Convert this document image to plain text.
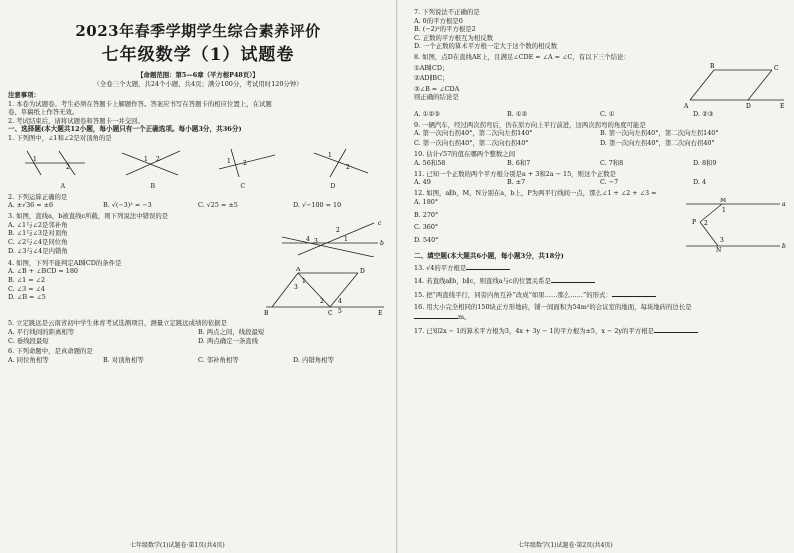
2023年春季学期学生综合素养评价
七年级数学（1）试题卷
【命题范围：第5—6章（平方根P48页）】
（全卷三个大题，共24个小题，共4页；满分100分，考试用时120分钟）
注意事项：
1. 本卷为试题卷。考生必须在答题卡上解题作答。答案应书写在答题卡的相应位置上，在试题
卷、草稿纸上作答无效。
2. 考试结束后，请将试题卷和答题卡一并交回。
一、选择题(本大题共12小题，每小题只有一个正确选项。每小题3分，共36分)
1. 下列图中，∠1和∠2是对顶角的是
1
2
1 2	1 2
1
2
A	B	C	D
2. 下列运算正确的是
A. ±√36 = ±6	B. √(−3)² = −3	C. √25 = ±5	D. √−100 = 10
3. 如图，直线a，b被直线c所截，则下列说法中错误的是
A. ∠1与∠2是邻补角
B. ∠1与∠3是对顶角
C. ∠2与∠4是同位角
D. ∠3与∠4是内错角
4 3
2
1
c
b
4. 如图，下列不能判定AB∥CD的条件是
A. ∠B + ∠BCD = 180
B. ∠1 = ∠2
C. ∠3 = ∠4
D. ∠B = ∠5
A	D
B	C	E
1
3
2 4
5
5. 立定跳远是云南省初中学生体育考试选测项目，测量立定跳远成绩的依据是
A. 平行线间的距离相等	B. 两点之间，线段最短
C. 垂线段最短	D. 两点确定一条直线
6. 下列命题中，是真命题的是
A. 同位角相等	B. 对顶角相等	C. 邻补角相等	D. 内错角相等
七年级数学(1)试题卷·第1页(共4页)
7. 下列说法不正确的是
A. 0的平方根是0
B. (−2)²的平方根是2
C. 正数的平方根互为相反数
D. 一个正数的算术平方根一定大于这个数的相反数
8. 如图，点D在直线AE上，且满足∠CDE = ∠A = ∠C，有以下三个结论：
①AB∥CD；
②AD∥BC；
③∠B = ∠CDA
则正确的结论是
B	C
A	D	E
A. ①②③	B. ①②	C. ①	D. ②③
9. 一辆汽车，经过两次拐弯后，仍在原方向上平行前进，这两次拐弯的角度可能是
A. 第一次向右拐40°，第二次向左拐140°	B. 第一次向左拐40°，第二次向左拐140°
C. 第一次向右拐40°，第二次向右拐40°	D. 第一次向左拐40°，第二次向右拐40°
10. 估计√57的值在哪两个整数之间
A. 56和58	B. 6和7	C. 7和8	D. 8和9
11. 已知一个正数的两个平方根分别是a + 3和2a − 15，则这个正数是
A. 49	B. ±7	C. −7	D. 4
12. 如图，a∥b，M，N分别在a，b上，P为两平行线间一点，那么∠1 + ∠2 + ∠3 =
A. 180°
B. 270°
C. 360°
D. 540°
M
N
P
1
2
3
a
b
二、填空题(本大题共6小题，每小题3分，共18分)
13. √4的平方根是
14. 若直线a∥b，b∥c，则直线a与c的位置关系是
15. 把“两直线平行，同旁内角互补”改成“如果……那么……”的形式：
16. 用大小完全相同的150块正方形地砖，铺一间面积为54m²的会议室的地面，每块地砖的边长是
m。
17. 已知2x − 1的算术平方根为3，4x + 3y − 1的平方根为±5，x − 2y的平方根是
七年级数学(1)试题卷·第2页(共4页)
